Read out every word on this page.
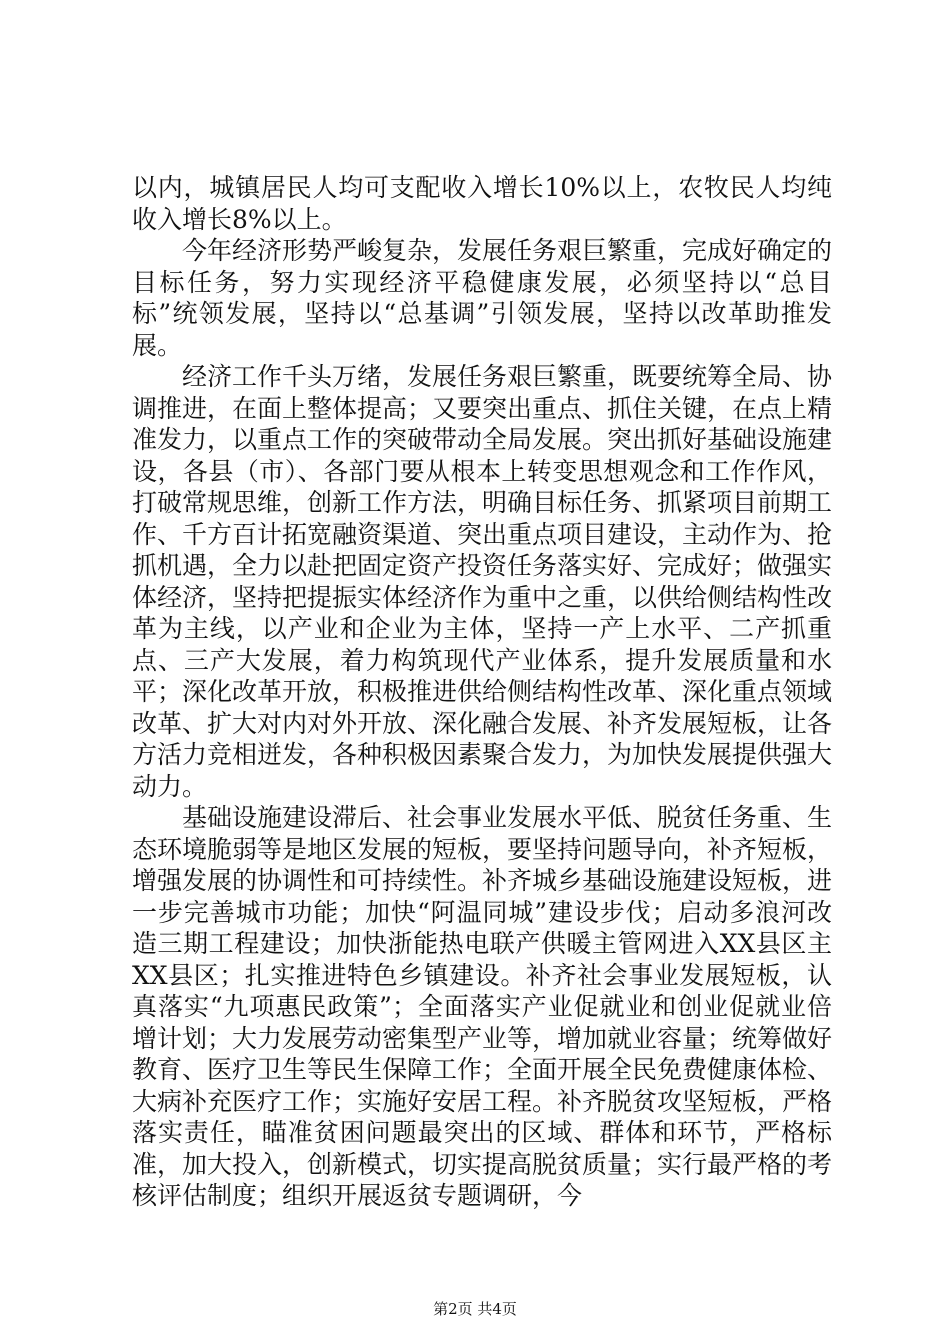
以内，城镇居民人均可支配收入增长10%以上，农牧民人均纯收入增长8%以上。

今年经济形势严峻复杂，发展任务艰巨繁重，完成好确定的目标任务，努力实现经济平稳健康发展，必须坚持以“总目标”统领发展，坚持以“总基调”引领发展，坚持以改革助推发展。

经济工作千头万绪，发展任务艰巨繁重，既要统筹全局、协调推进，在面上整体提高；又要突出重点、抓住关键，在点上精准发力，以重点工作的突破带动全局发展。突出抓好基础设施建设，各县（市）、各部门要从根本上转变思想观念和工作作风，打破常规思维，创新工作方法，明确目标任务、抓紧项目前期工作、千方百计拓宽融资渠道、突出重点项目建设，主动作为、抢抓机遇，全力以赴把固定资产投资任务落实好、完成好；做强实体经济，坚持把提振实体经济作为重中之重，以供给侧结构性改革为主线，以产业和企业为主体，坚持一产上水平、二产抓重点、三产大发展，着力构筑现代产业体系，提升发展质量和水平；深化改革开放，积极推进供给侧结构性改革、深化重点领域改革、扩大对内对外开放、深化融合发展、补齐发展短板，让各方活力竞相迸发，各种积极因素聚合发力，为加快发展提供强大动力。

基础设施建设滞后、社会事业发展水平低、脱贫任务重、生态环境脆弱等是地区发展的短板，要坚持问题导向，补齐短板，增强发展的协调性和可持续性。补齐城乡基础设施建设短板，进一步完善城市功能；加快“阿温同城”建设步伐；启动多浪河改造三期工程建设；加快浙能热电联产供暖主管网进入XX县区主XX县区；扎实推进特色乡镇建设。补齐社会事业发展短板，认真落实“九项惠民政策”；全面落实产业促就业和创业促就业倍增计划；大力发展劳动密集型产业等，增加就业容量；统筹做好教育、医疗卫生等民生保障工作；全面开展全民免费健康体检、大病补充医疗工作；实施好安居工程。补齐脱贫攻坚短板，严格落实责任，瞄准贫困问题最突出的区域、群体和环节，严格标准，加大投入，创新模式，切实提高脱贫质量；实行最严格的考核评估制度；组织开展返贫专题调研，今

第2页 共4页
